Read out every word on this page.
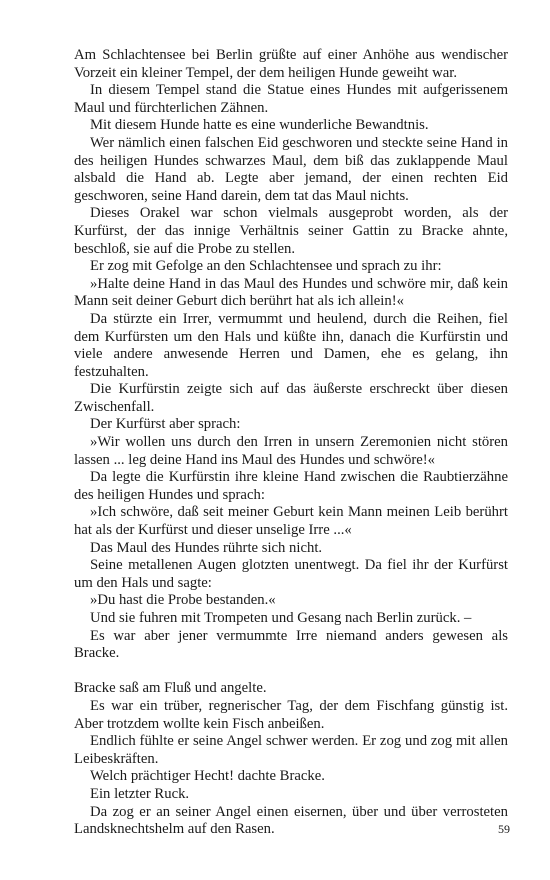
Am Schlachtensee bei Berlin grüßte auf einer Anhöhe aus wendischer Vorzeit ein kleiner Tempel, der dem heiligen Hunde geweiht war.

In diesem Tempel stand die Statue eines Hundes mit aufgerissenem Maul und fürchterlichen Zähnen.

Mit diesem Hunde hatte es eine wunderliche Bewandtnis.

Wer nämlich einen falschen Eid geschworen und steckte seine Hand in des heiligen Hundes schwarzes Maul, dem biß das zuklappende Maul alsbald die Hand ab. Legte aber jemand, der einen rechten Eid geschworen, seine Hand darein, dem tat das Maul nichts.

Dieses Orakel war schon vielmals ausgeprobt worden, als der Kurfürst, der das innige Verhältnis seiner Gattin zu Bracke ahnte, beschloß, sie auf die Probe zu stellen.

Er zog mit Gefolge an den Schlachtensee und sprach zu ihr:

»Halte deine Hand in das Maul des Hundes und schwöre mir, daß kein Mann seit deiner Geburt dich berührt hat als ich allein!«

Da stürzte ein Irrer, vermummt und heulend, durch die Reihen, fiel dem Kurfürsten um den Hals und küßte ihn, danach die Kurfürstin und viele andere anwesende Herren und Damen, ehe es gelang, ihn festzuhalten.

Die Kurfürstin zeigte sich auf das äußerste erschreckt über diesen Zwischenfall.

Der Kurfürst aber sprach:

»Wir wollen uns durch den Irren in unsern Zeremonien nicht stören lassen ... leg deine Hand ins Maul des Hundes und schwöre!«

Da legte die Kurfürstin ihre kleine Hand zwischen die Raubtierzähne des heiligen Hundes und sprach:

»Ich schwöre, daß seit meiner Geburt kein Mann meinen Leib berührt hat als der Kurfürst und dieser unselige Irre ...«

Das Maul des Hundes rührte sich nicht.

Seine metallenen Augen glotzten unentwegt. Da fiel ihr der Kurfürst um den Hals und sagte:

»Du hast die Probe bestanden.«

Und sie fuhren mit Trompeten und Gesang nach Berlin zurück. –

Es war aber jener vermummte Irre niemand anders gewesen als Bracke.

Bracke saß am Fluß und angelte.

Es war ein trüber, regnerischer Tag, der dem Fischfang günstig ist. Aber trotzdem wollte kein Fisch anbeißen.

Endlich fühlte er seine Angel schwer werden. Er zog und zog mit allen Leibeskräften.

Welch prächtiger Hecht! dachte Bracke.

Ein letzter Ruck.

Da zog er an seiner Angel einen eisernen, über und über verrosteten Landsknechtshelm auf den Rasen.	59
